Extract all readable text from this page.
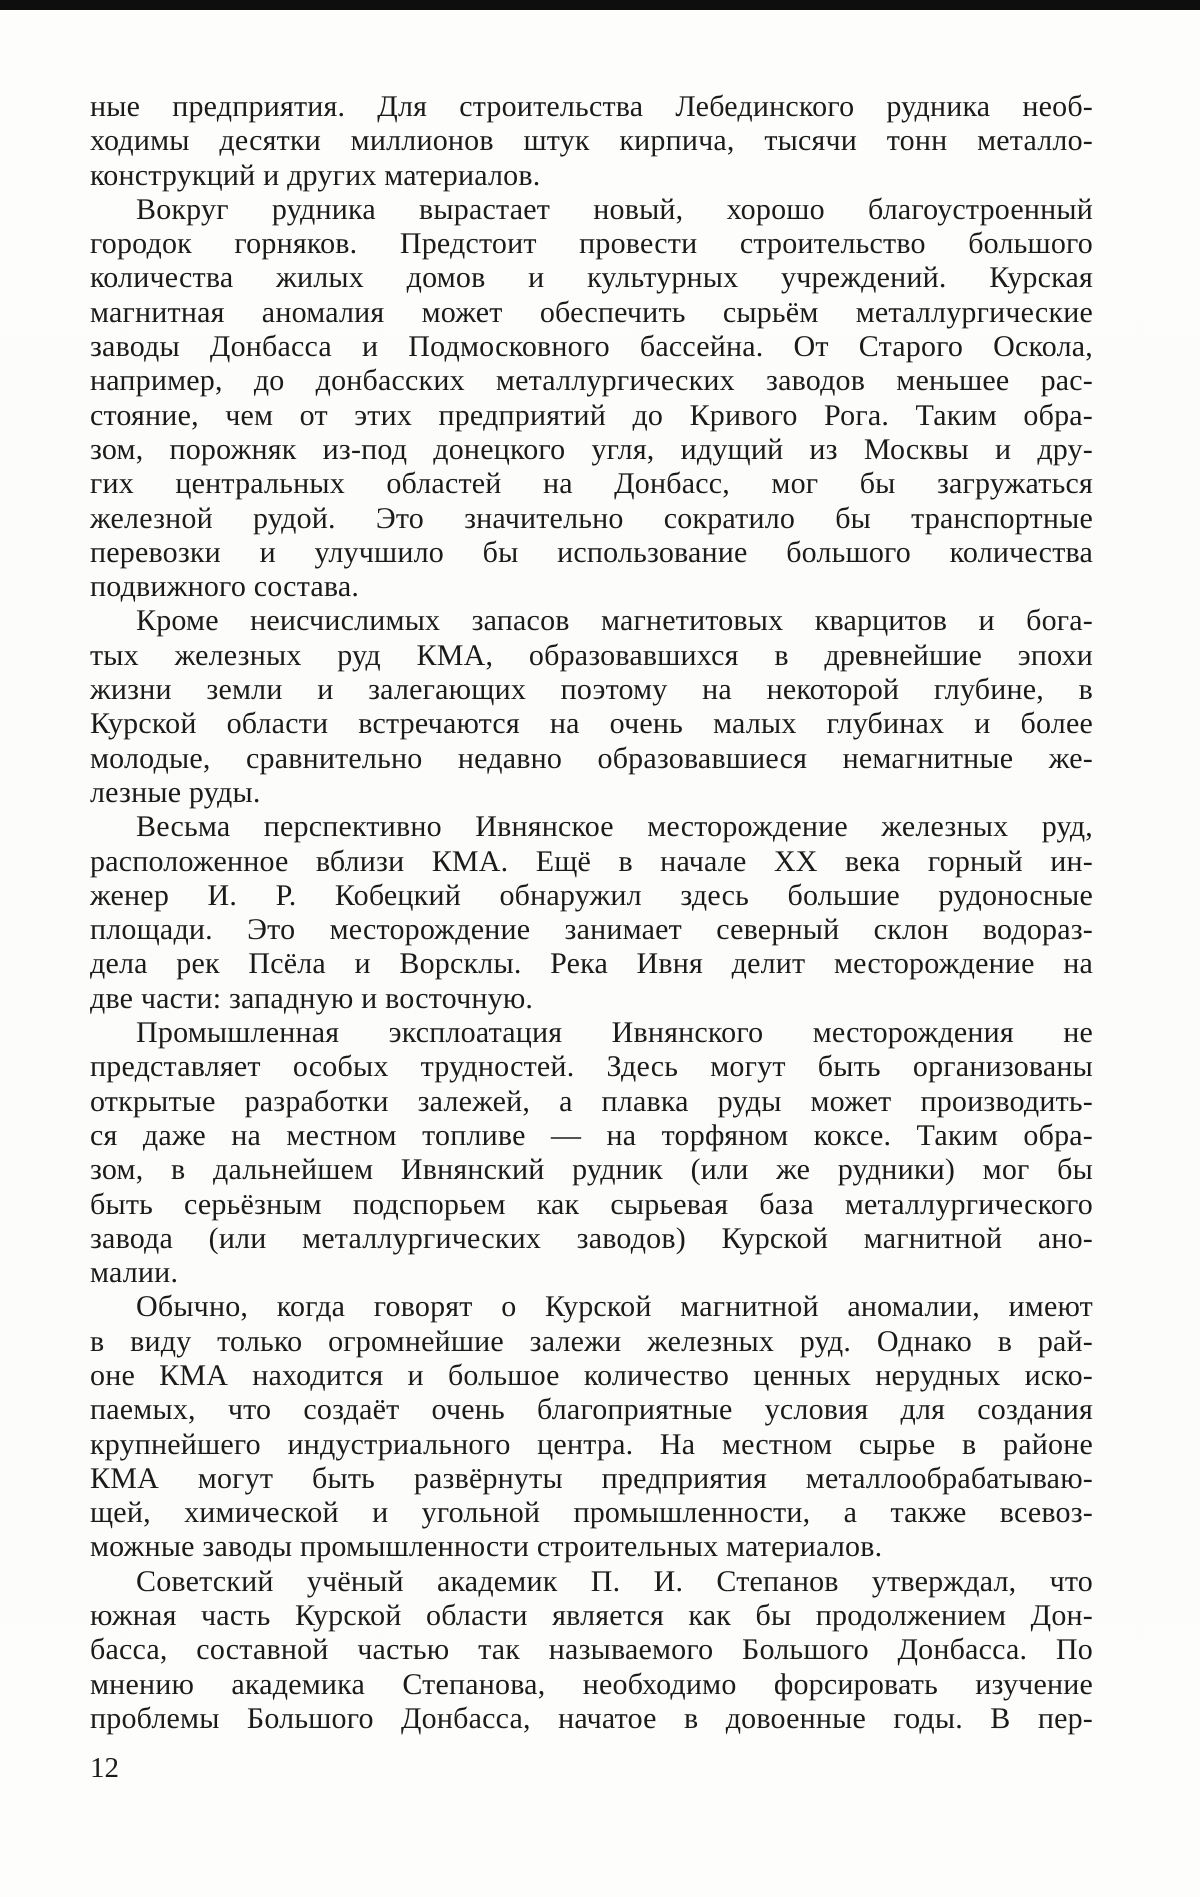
ные предприятия. Для строительства Лебединского рудника необ-
ходимы десятки миллионов штук кирпича, тысячи тонн металло-
конструкций и других материалов.
Вокруг рудника вырастает новый, хорошо благоустроенный
городок горняков. Предстоит провести строительство большого
количества жилых домов и культурных учреждений. Курская
магнитная аномалия может обеспечить сырьём металлургические
заводы Донбасса и Подмосковного бассейна. От Старого Оскола,
например, до донбасских металлургических заводов меньшее рас-
стояние, чем от этих предприятий до Кривого Рога. Таким обра-
зом, порожняк из-под донецкого угля, идущий из Москвы и дру-
гих центральных областей на Донбасс, мог бы загружаться
железной рудой. Это значительно сократило бы транспортные
перевозки и улучшило бы использование большого количества
подвижного состава.
Кроме неисчислимых запасов магнетитовых кварцитов и бога-
тых железных руд КМА, образовавшихся в древнейшие эпохи
жизни земли и залегающих поэтому на некоторой глубине, в
Курской области встречаются на очень малых глубинах и более
молодые, сравнительно недавно образовавшиеся немагнитные же-
лезные руды.
Весьма перспективно Ивнянское месторождение железных руд,
расположенное вблизи КМА. Ещё в начале XX века горный ин-
женер И. Р. Кобецкий обнаружил здесь большие рудоносные
площади. Это месторождение занимает северный склон водораз-
дела рек Псёла и Ворсклы. Река Ивня делит месторождение на
две части: западную и восточную.
Промышленная эксплоатация Ивнянского месторождения не
представляет особых трудностей. Здесь могут быть организованы
открытые разработки залежей, а плавка руды может производить-
ся даже на местном топливе — на торфяном коксе. Таким обра-
зом, в дальнейшем Ивнянский рудник (или же рудники) мог бы
быть серьёзным подспорьем как сырьевая база металлургического
завода (или металлургических заводов) Курской магнитной ано-
малии.
Обычно, когда говорят о Курской магнитной аномалии, имеют
в виду только огромнейшие залежи железных руд. Однако в рай-
оне КМА находится и большое количество ценных нерудных иско-
паемых, что создаёт очень благоприятные условия для создания
крупнейшего индустриального центра. На местном сырье в районе
КМА могут быть развёрнуты предприятия металлообрабатываю-
щей, химической и угольной промышленности, а также всевоз-
можные заводы промышленности строительных материалов.
Советский учёный академик П. И. Степанов утверждал, что
южная часть Курской области является как бы продолжением Дон-
басса, составной частью так называемого Большого Донбасса. По
мнению академика Степанова, необходимо форсировать изучение
проблемы Большого Донбасса, начатое в довоенные годы. В пер-
12
